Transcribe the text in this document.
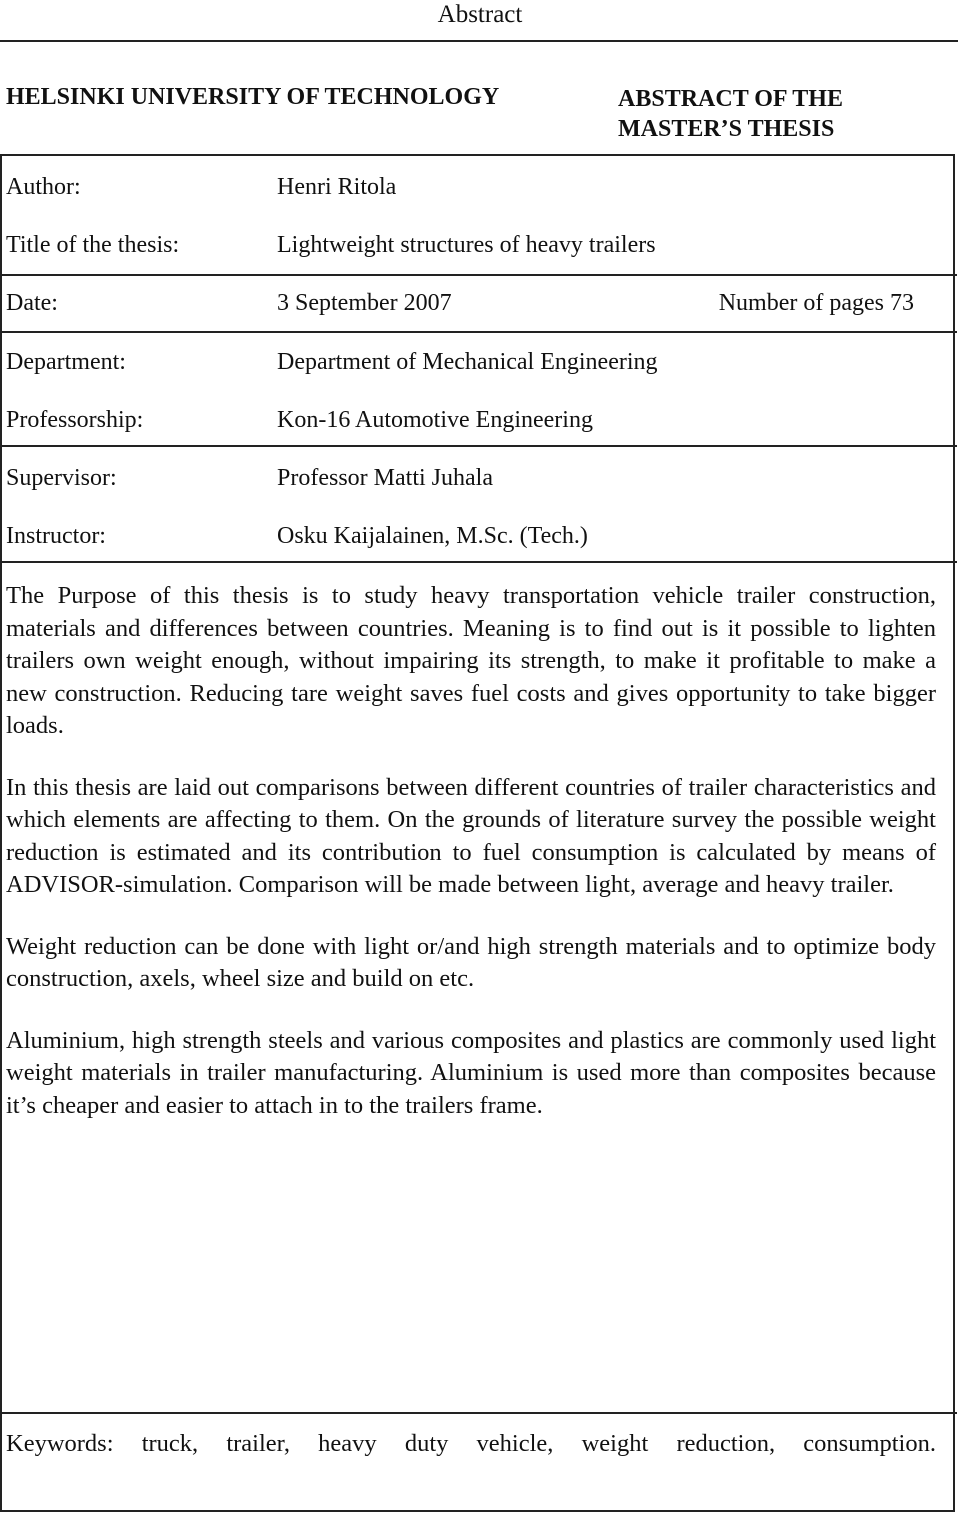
Abstract
HELSINKI UNIVERSITY OF TECHNOLOGY	ABSTRACT OF THE
MASTER’S THESIS
Author:	Henri Ritola
Title of the thesis:	Lightweight structures of heavy trailers
Date:	3 September 2007	Number of pages 73
Department:	Department of Mechanical Engineering
Professorship:	Kon-16 Automotive Engineering
Supervisor:	Professor Matti Juhala
Instructor:	Osku Kaijalainen, M.Sc. (Tech.)

The Purpose of this thesis is to study heavy transportation vehicle trailer construction, materials and differences between countries. Meaning is to find out is it possible to lighten trailers own weight enough, without impairing its strength, to make it profitable to make a new construction. Reducing tare weight saves fuel costs and gives opportunity to take bigger loads.

In this thesis are laid out comparisons between different countries of trailer characteristics and which elements are affecting to them. On the grounds of literature survey the possible weight reduction is estimated and its contribution to fuel consumption is calculated by means of ADVISOR-simulation. Comparison will be made between light, average and heavy trailer.

Weight reduction can be done with light or/and high strength materials and to optimize body construction, axels, wheel size and build on etc.

Aluminium, high strength steels and various composites and plastics are commonly used light weight materials in trailer manufacturing. Aluminium is used more than composites because it’s cheaper and easier to attach in to the trailers frame.

Keywords: truck, trailer, heavy duty vehicle, weight reduction, consumption.
